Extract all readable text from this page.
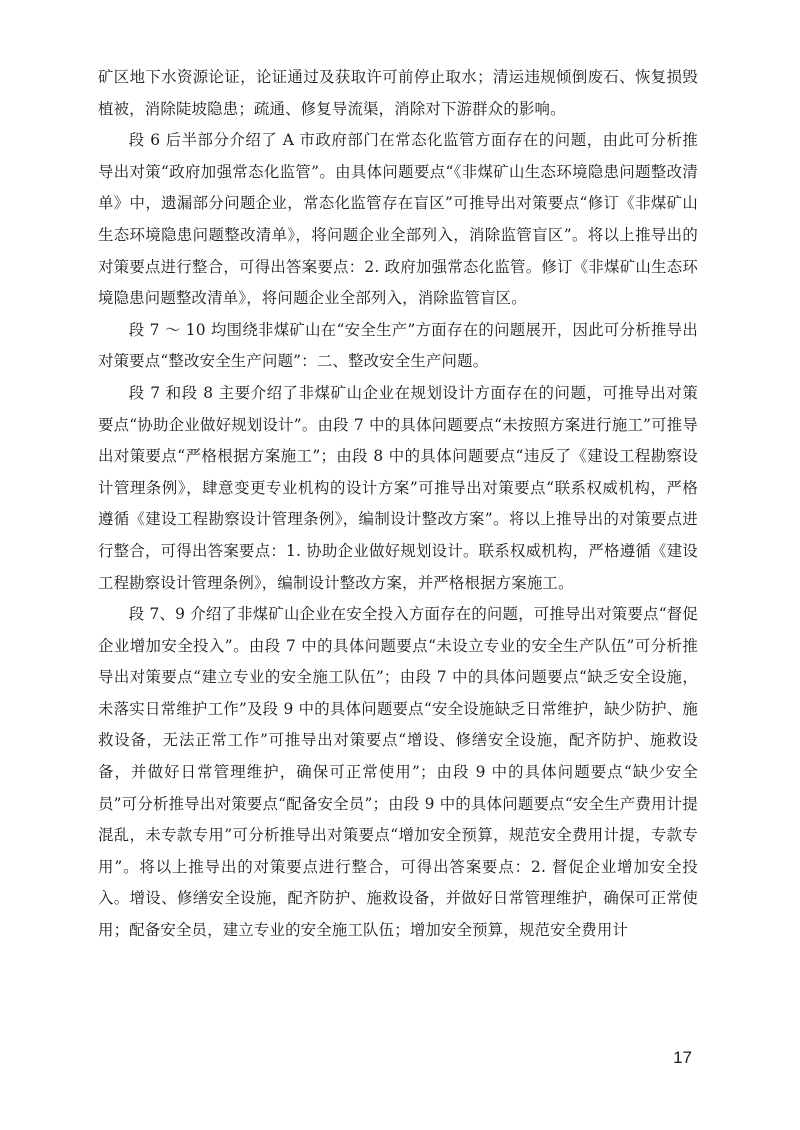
矿区地下水资源论证，论证通过及获取许可前停止取水；清运违规倾倒废石、恢复损毁植被，消除陡坡隐患；疏通、修复导流渠，消除对下游群众的影响。

段 6 后半部分介绍了 A 市政府部门在常态化监管方面存在的问题，由此可分析推导出对策“政府加强常态化监管”。由具体问题要点“《非煤矿山生态环境隐患问题整改清单》中，遗漏部分问题企业，常态化监管存在盲区”可推导出对策要点“修订《非煤矿山生态环境隐患问题整改清单》，将问题企业全部列入，消除监管盲区”。将以上推导出的对策要点进行整合，可得出答案要点：2. 政府加强常态化监管。修订《非煤矿山生态环境隐患问题整改清单》，将问题企业全部列入，消除监管盲区。

段 7 ～ 10 均围绕非煤矿山在“安全生产”方面存在的问题展开，因此可分析推导出对策要点“整改安全生产问题”：二、整改安全生产问题。

段 7 和段 8 主要介绍了非煤矿山企业在规划设计方面存在的问题，可推导出对策要点“协助企业做好规划设计”。由段 7 中的具体问题要点“未按照方案进行施工”可推导出对策要点“严格根据方案施工”；由段 8 中的具体问题要点“违反了《建设工程勘察设计管理条例》，肆意变更专业机构的设计方案”可推导出对策要点“联系权威机构，严格遵循《建设工程勘察设计管理条例》，编制设计整改方案”。将以上推导出的对策要点进行整合，可得出答案要点：1. 协助企业做好规划设计。联系权威机构，严格遵循《建设工程勘察设计管理条例》，编制设计整改方案，并严格根据方案施工。

段 7、9 介绍了非煤矿山企业在安全投入方面存在的问题，可推导出对策要点“督促企业增加安全投入”。由段 7 中的具体问题要点“未设立专业的安全生产队伍”可分析推导出对策要点“建立专业的安全施工队伍”；由段 7 中的具体问题要点“缺乏安全设施，未落实日常维护工作”及段 9 中的具体问题要点“安全设施缺乏日常维护，缺少防护、施救设备，无法正常工作”可推导出对策要点“增设、修缮安全设施，配齐防护、施救设备，并做好日常管理维护，确保可正常使用”；由段 9 中的具体问题要点“缺少安全员”可分析推导出对策要点“配备安全员”；由段 9 中的具体问题要点“安全生产费用计提混乱，未专款专用”可分析推导出对策要点“增加安全预算，规范安全费用计提，专款专用”。将以上推导出的对策要点进行整合，可得出答案要点：2. 督促企业增加安全投入。增设、修缮安全设施，配齐防护、施救设备，并做好日常管理维护，确保可正常使用；配备安全员，建立专业的安全施工队伍；增加安全预算，规范安全费用计

17
